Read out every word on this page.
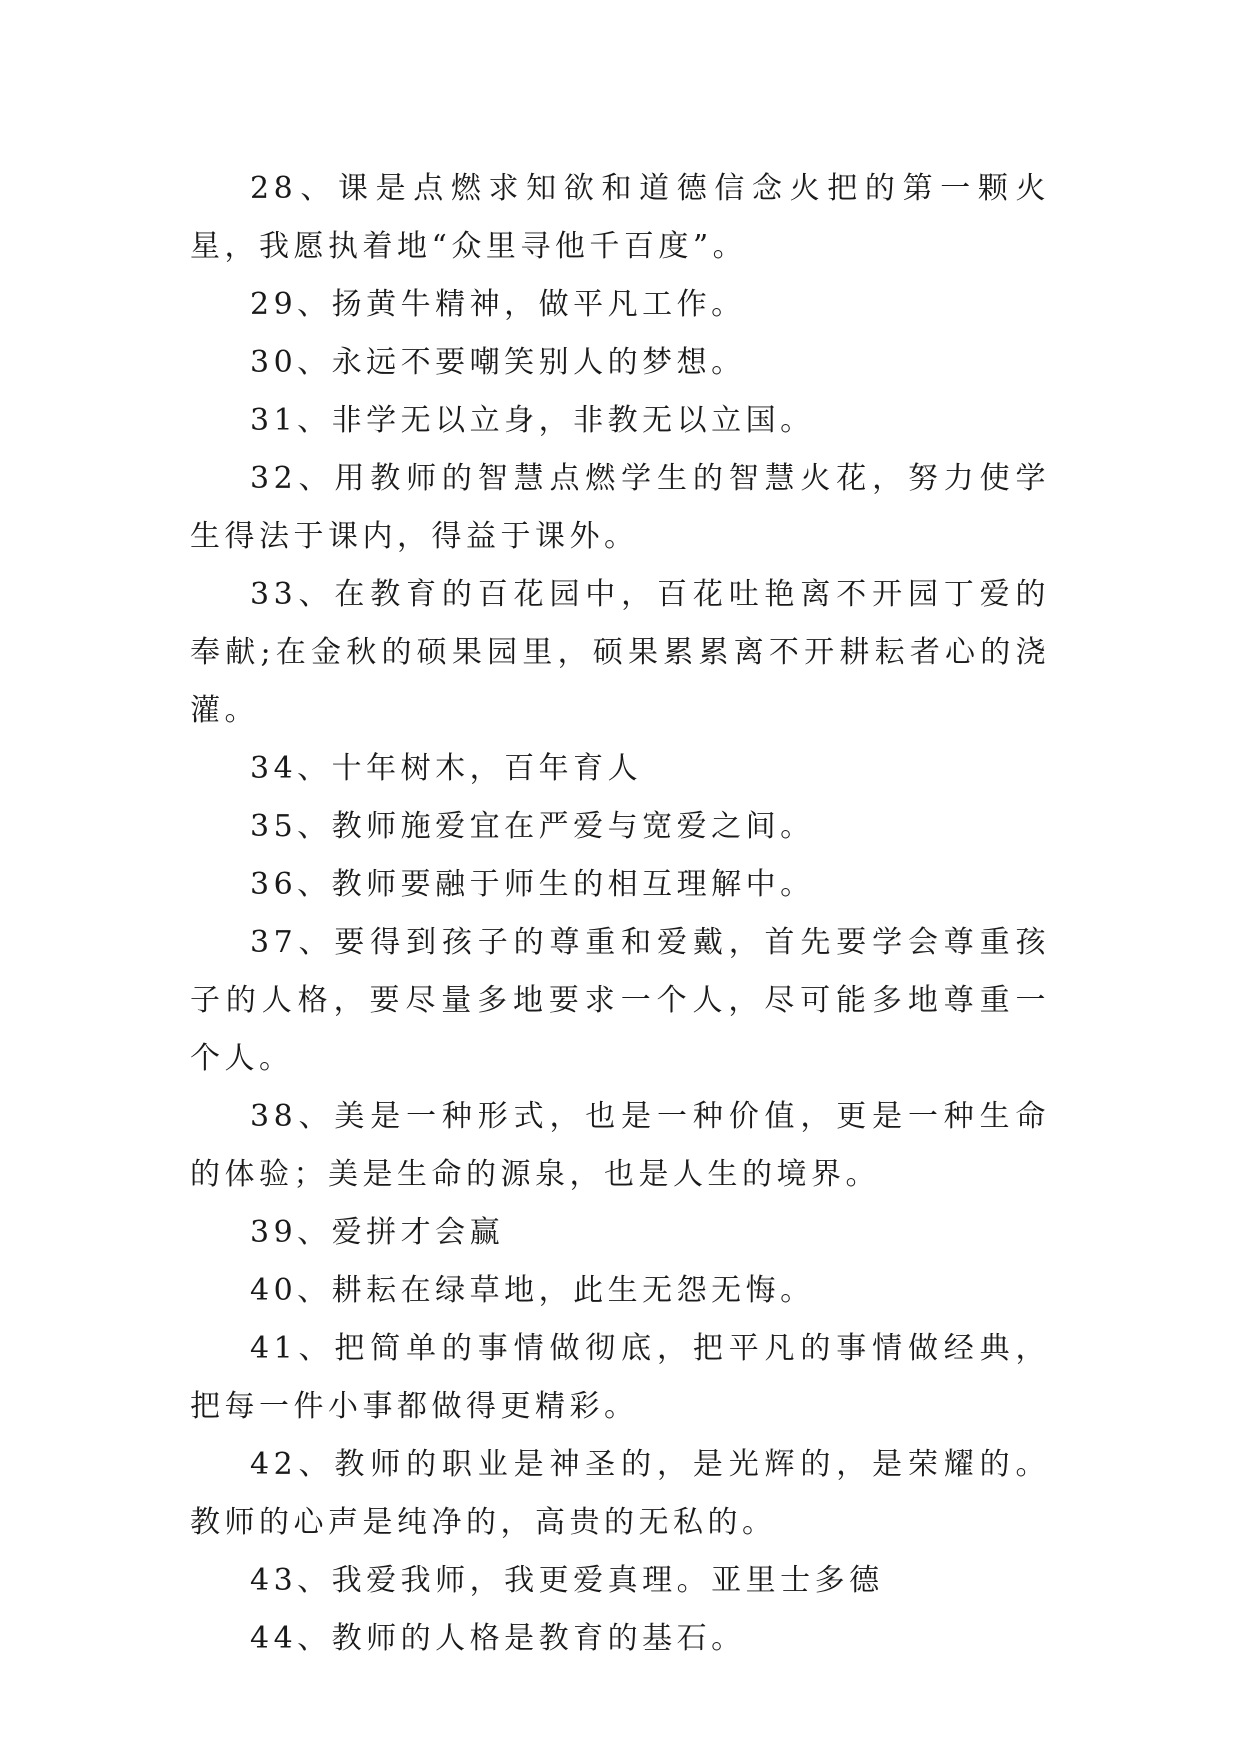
28、课是点燃求知欲和道德信念火把的第一颗火星，我愿执着地“众里寻他千百度”。

29、扬黄牛精神，做平凡工作。

30、永远不要嘲笑别人的梦想。

31、非学无以立身，非教无以立国。

32、用教师的智慧点燃学生的智慧火花，努力使学生得法于课内，得益于课外。

33、在教育的百花园中，百花吐艳离不开园丁爱的奉献;在金秋的硕果园里，硕果累累离不开耕耘者心的浇灌。

34、十年树木，百年育人

35、教师施爱宜在严爱与宽爱之间。

36、教师要融于师生的相互理解中。

37、要得到孩子的尊重和爱戴，首先要学会尊重孩子的人格，要尽量多地要求一个人，尽可能多地尊重一个人。

38、美是一种形式，也是一种价值，更是一种生命的体验；美是生命的源泉，也是人生的境界。

39、爱拼才会赢

40、耕耘在绿草地，此生无怨无悔。

41、把简单的事情做彻底，把平凡的事情做经典，把每一件小事都做得更精彩。

42、教师的职业是神圣的，是光辉的，是荣耀的。教师的心声是纯净的，高贵的无私的。

43、我爱我师，我更爱真理。亚里士多德

44、教师的人格是教育的基石。
